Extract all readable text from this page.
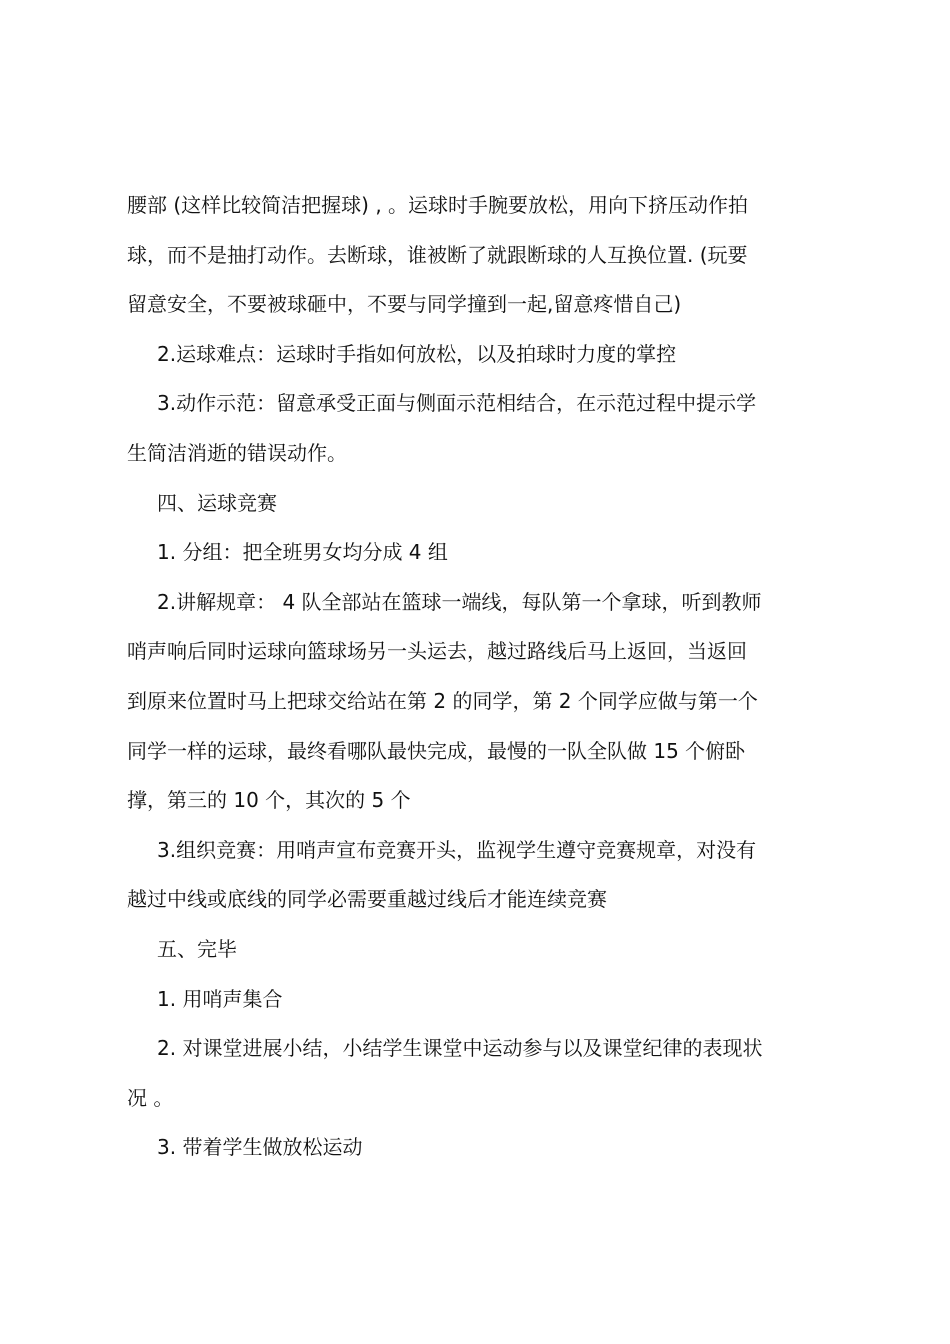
腰部 (这样比较简洁把握球) , 。运球时手腕要放松，用向下挤压动作拍
球，而不是抽打动作。去断球，谁被断了就跟断球的人互换位置. (玩要
留意安全，不要被球砸中，不要与同学撞到一起,留意疼惜自己)

2.运球难点：运球时手指如何放松，以及拍球时力度的掌控

3.动作示范：留意承受正面与侧面示范相结合，在示范过程中提示学
生简洁消逝的错误动作。

四、运球竞赛

1. 分组：把全班男女均分成 4 组

2.讲解规章： 4 队全部站在篮球一端线，每队第一个拿球，听到教师
哨声响后同时运球向篮球场另一头运去，越过路线后马上返回，当返回
到原来位置时马上把球交给站在第 2 的同学，第 2 个同学应做与第一个
同学一样的运球，最终看哪队最快完成，最慢的一队全队做 15 个俯卧
撑，第三的 10 个，其次的 5 个

3.组织竞赛：用哨声宣布竞赛开头，监视学生遵守竞赛规章，对没有
越过中线或底线的同学必需要重越过线后才能连续竞赛

五、完毕

1. 用哨声集合

2. 对课堂进展小结，小结学生课堂中运动参与以及课堂纪律的表现状
况 。

3. 带着学生做放松运动
